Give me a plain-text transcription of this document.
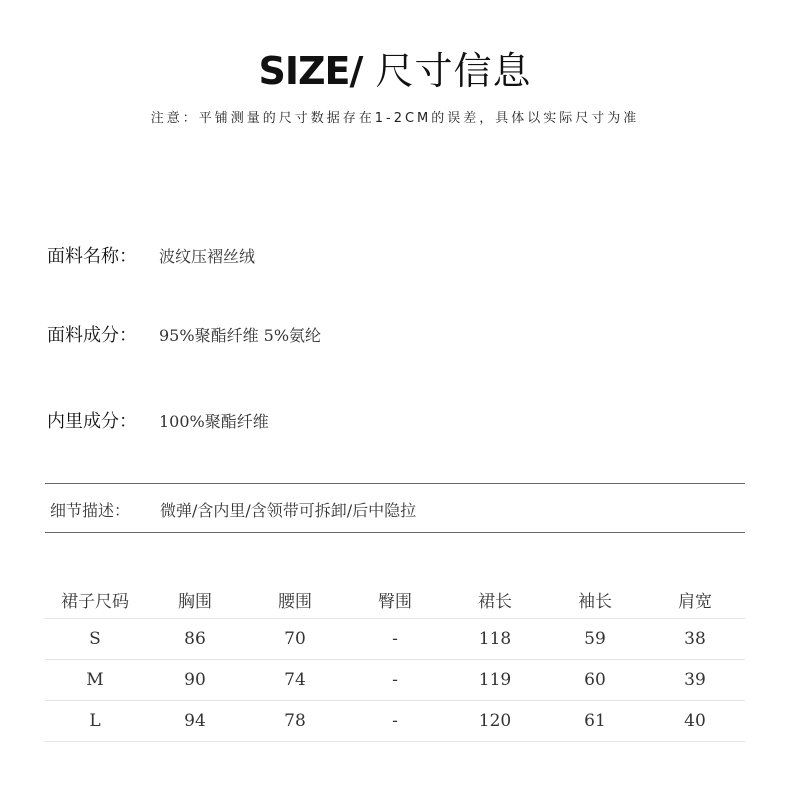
SIZE/ 尺寸信息
注意：平铺测量的尺寸数据存在1-2CM的误差，具体以实际尺寸为准
面料名称： 波纹压褶丝绒
面料成分： 95%聚酯纤维 5%氨纶
内里成分： 100%聚酯纤维
细节描述： 微弹/含内里/含领带可拆卸/后中隐拉
裙子尺码	胸围	腰围	臀围	裙长	袖长	肩宽
S	86	70	-	118	59	38
M	90	74	-	119	60	39
L	94	78	-	120	61	40
